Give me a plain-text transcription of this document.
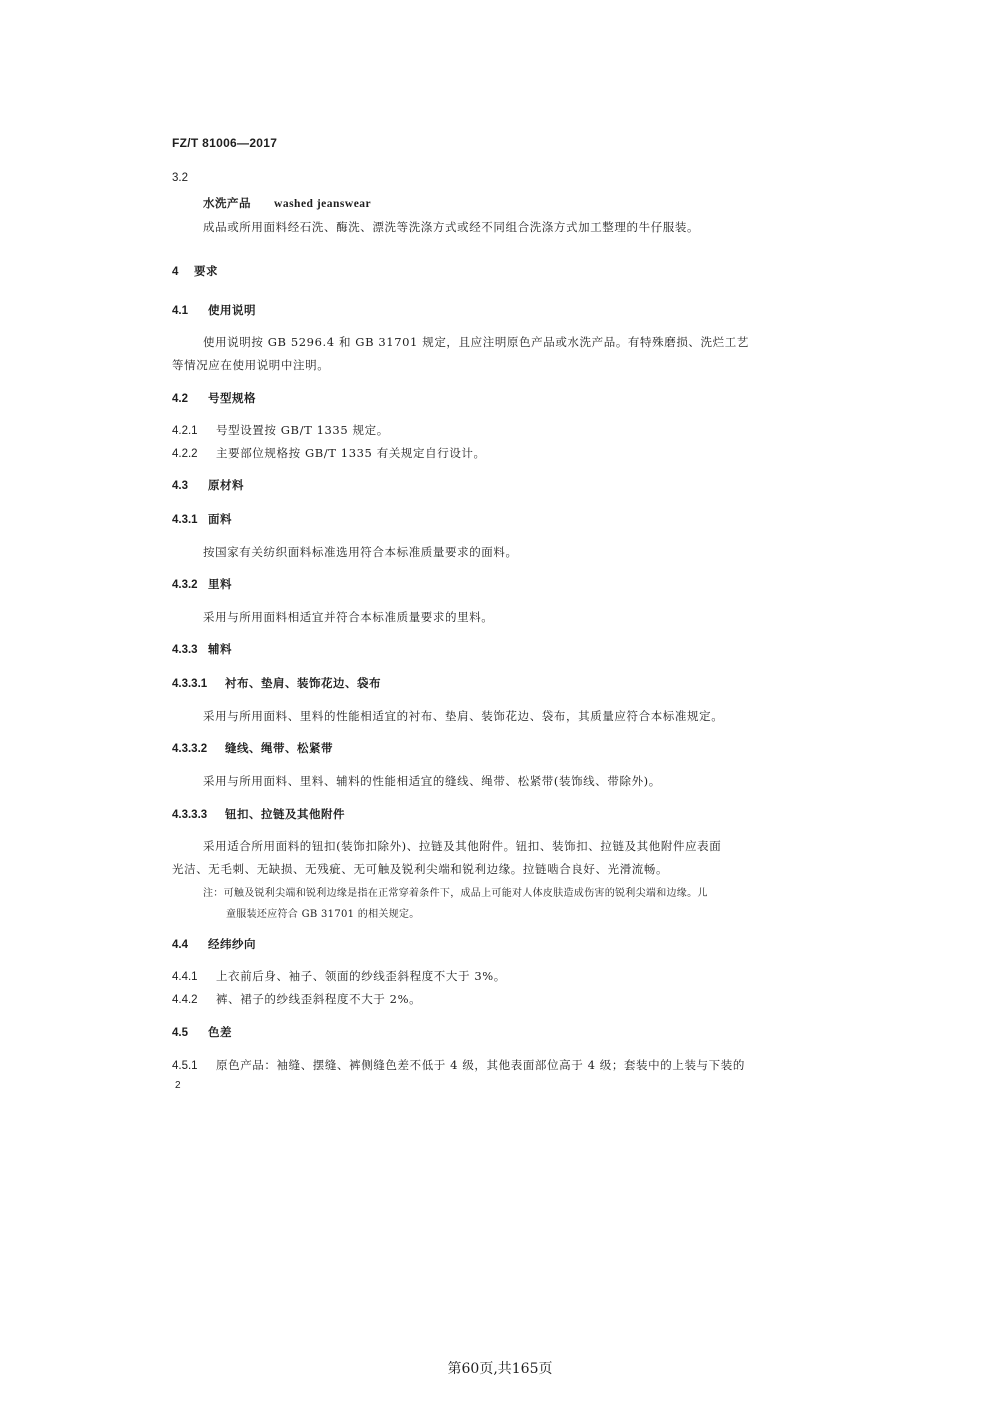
FZ/T 81006—2017
3.2
水洗产品 washed jeanswear
成品或所用面料经石洗、酶洗、漂洗等洗涤方式或经不同组合洗涤方式加工整理的牛仔服装。
4	要求
4.1	使用说明
使用说明按 GB 5296.4 和 GB 31701 规定，且应注明原色产品或水洗产品。有特殊磨损、洗烂工艺
等情况应在使用说明中注明。
4.2	号型规格
4.2.1	号型设置按 GB/T 1335 规定。
4.2.2	主要部位规格按 GB/T 1335 有关规定自行设计。
4.3	原材料
4.3.1 面料
按国家有关纺织面料标准选用符合本标准质量要求的面料。
4.3.2 里料
采用与所用面料相适宜并符合本标准质量要求的里料。
4.3.3 辅料
4.3.3.1	衬布、垫肩、装饰花边、袋布
采用与所用面料、里料的性能相适宜的衬布、垫肩、装饰花边、袋布，其质量应符合本标准规定。
4.3.3.2	缝线、绳带、松紧带
采用与所用面料、里料、辅料的性能相适宜的缝线、绳带、松紧带(装饰线、带除外)。
4.3.3.3	钮扣、拉链及其他附件
采用适合所用面料的钮扣(装饰扣除外)、拉链及其他附件。钮扣、装饰扣、拉链及其他附件应表面
光洁、无毛刺、无缺损、无残疵、无可触及锐利尖端和锐利边缘。拉链啮合良好、光滑流畅。
注：可触及锐利尖端和锐利边缘是指在正常穿着条件下，成品上可能对人体皮肤造成伤害的锐利尖端和边缘。儿
童服装还应符合 GB 31701 的相关规定。
4.4	经纬纱向
4.4.1	上衣前后身、袖子、领面的纱线歪斜程度不大于 3%。
4.4.2	裤、裙子的纱线歪斜程度不大于 2%。
4.5	色差
4.5.1	原色产品：袖缝、摆缝、裤侧缝色差不低于 4 级，其他表面部位高于 4 级；套装中的上装与下装的
2
第60页,共165页
